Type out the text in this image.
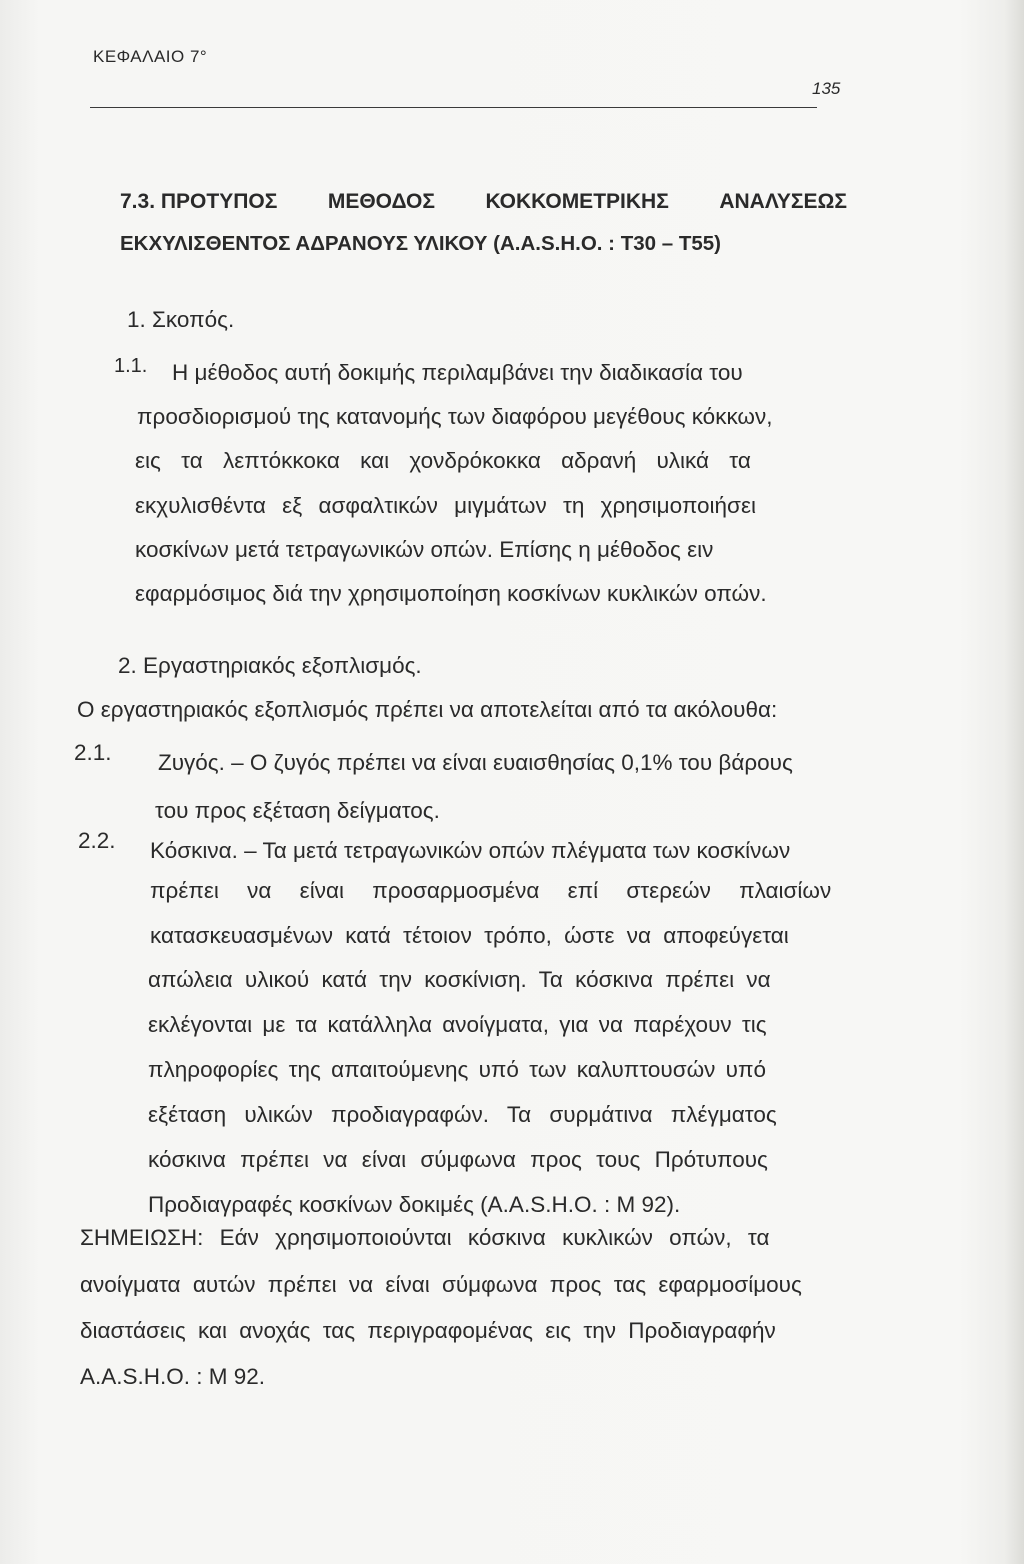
ΚΕΦΑΛΑΙΟ 7°
135
7.3. ΠΡΟΤΥΠΟΣ ΜΕΘΟΔΟΣ ΚΟΚΚΟΜΕΤΡΙΚΗΣ ΑΝΑΛΥΣΕΩΣ
ΕΚΧΥΛΙΣΘΕΝΤΟΣ ΑΔΡΑΝΟΥΣ ΥΛΙΚΟΥ (A.A.S.H.O. : T30 – T55)
1. Σκοπός.
1.1. Η μέθοδος αυτή δοκιμής περιλαμβάνει την διαδικασία του
προσδιορισμού της κατανομής των διαφόρου μεγέθους κόκκων,
εις τα λεπτόκκοκα και χονδρόκοκκα αδρανή υλικά τα
εκχυλισθέντα εξ ασφαλτικών μιγμάτων τη χρησιμοποιήσει
κοσκίνων μετά τετραγωνικών οπών. Επίσης η μέθοδος ειν
εφαρμόσιμος διά την χρησιμοποίηση κοσκίνων κυκλικών οπών.
2. Εργαστηριακός εξοπλισμός.
Ο εργαστηριακός εξοπλισμός πρέπει να αποτελείται από τα ακόλουθα:
2.1. Ζυγός. – Ο ζυγός πρέπει να είναι ευαισθησίας 0,1% του βάρους
του προς εξέταση δείγματος.
2.2. Κόσκινα. – Τα μετά τετραγωνικών οπών πλέγματα των κοσκίνων
πρέπει να είναι προσαρμοσμένα επί στερεών πλαισίων
κατασκευασμένων κατά τέτοιον τρόπο, ώστε να αποφεύγεται
απώλεια υλικού κατά την κοσκίνιση. Τα κόσκινα πρέπει να
εκλέγονται με τα κατάλληλα ανοίγματα, για να παρέχουν τις
πληροφορίες της απαιτούμενης υπό των καλυπτουσών υπό
εξέταση υλικών προδιαγραφών. Τα συρμάτινα πλέγματος
κόσκινα πρέπει να είναι σύμφωνα προς τους Πρότυπους
Προδιαγραφές κοσκίνων δοκιμές (A.A.S.H.O. : M 92).
ΣΗΜΕΙΩΣΗ: Εάν χρησιμοποιούνται κόσκινα κυκλικών οπών, τα
ανοίγματα αυτών πρέπει να είναι σύμφωνα προς τας εφαρμοσίμους
διαστάσεις και ανοχάς τας περιγραφομένας εις την Προδιαγραφήν
A.A.S.H.O. : M 92.
